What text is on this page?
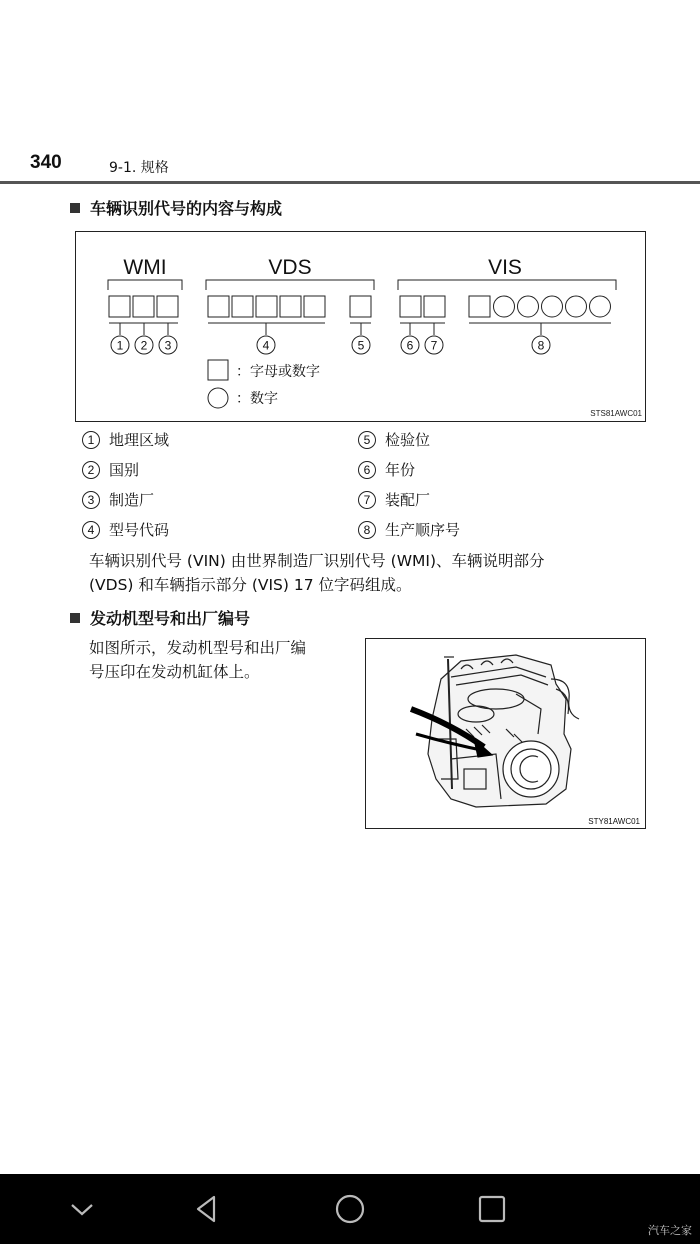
340	9-1. 规格
车辆识别代号的内容与构成
WMI	VDS	VIS
1 2 3	4	5	6 7	8
：字母或数字
：数字
STS81AWC01
1 地理区域
2 国别
3 制造厂
4 型号代码
5 检验位
6 年份
7 装配厂
8 生产顺序号
车辆识别代号 (VIN) 由世界制造厂识别代号 (WMI)、车辆说明部分
(VDS) 和车辆指示部分 (VIS) 17 位字码组成。
发动机型号和出厂编号
如图所示，发动机型号和出厂编
号压印在发动机缸体上。
STY81AWC01
汽车之家
